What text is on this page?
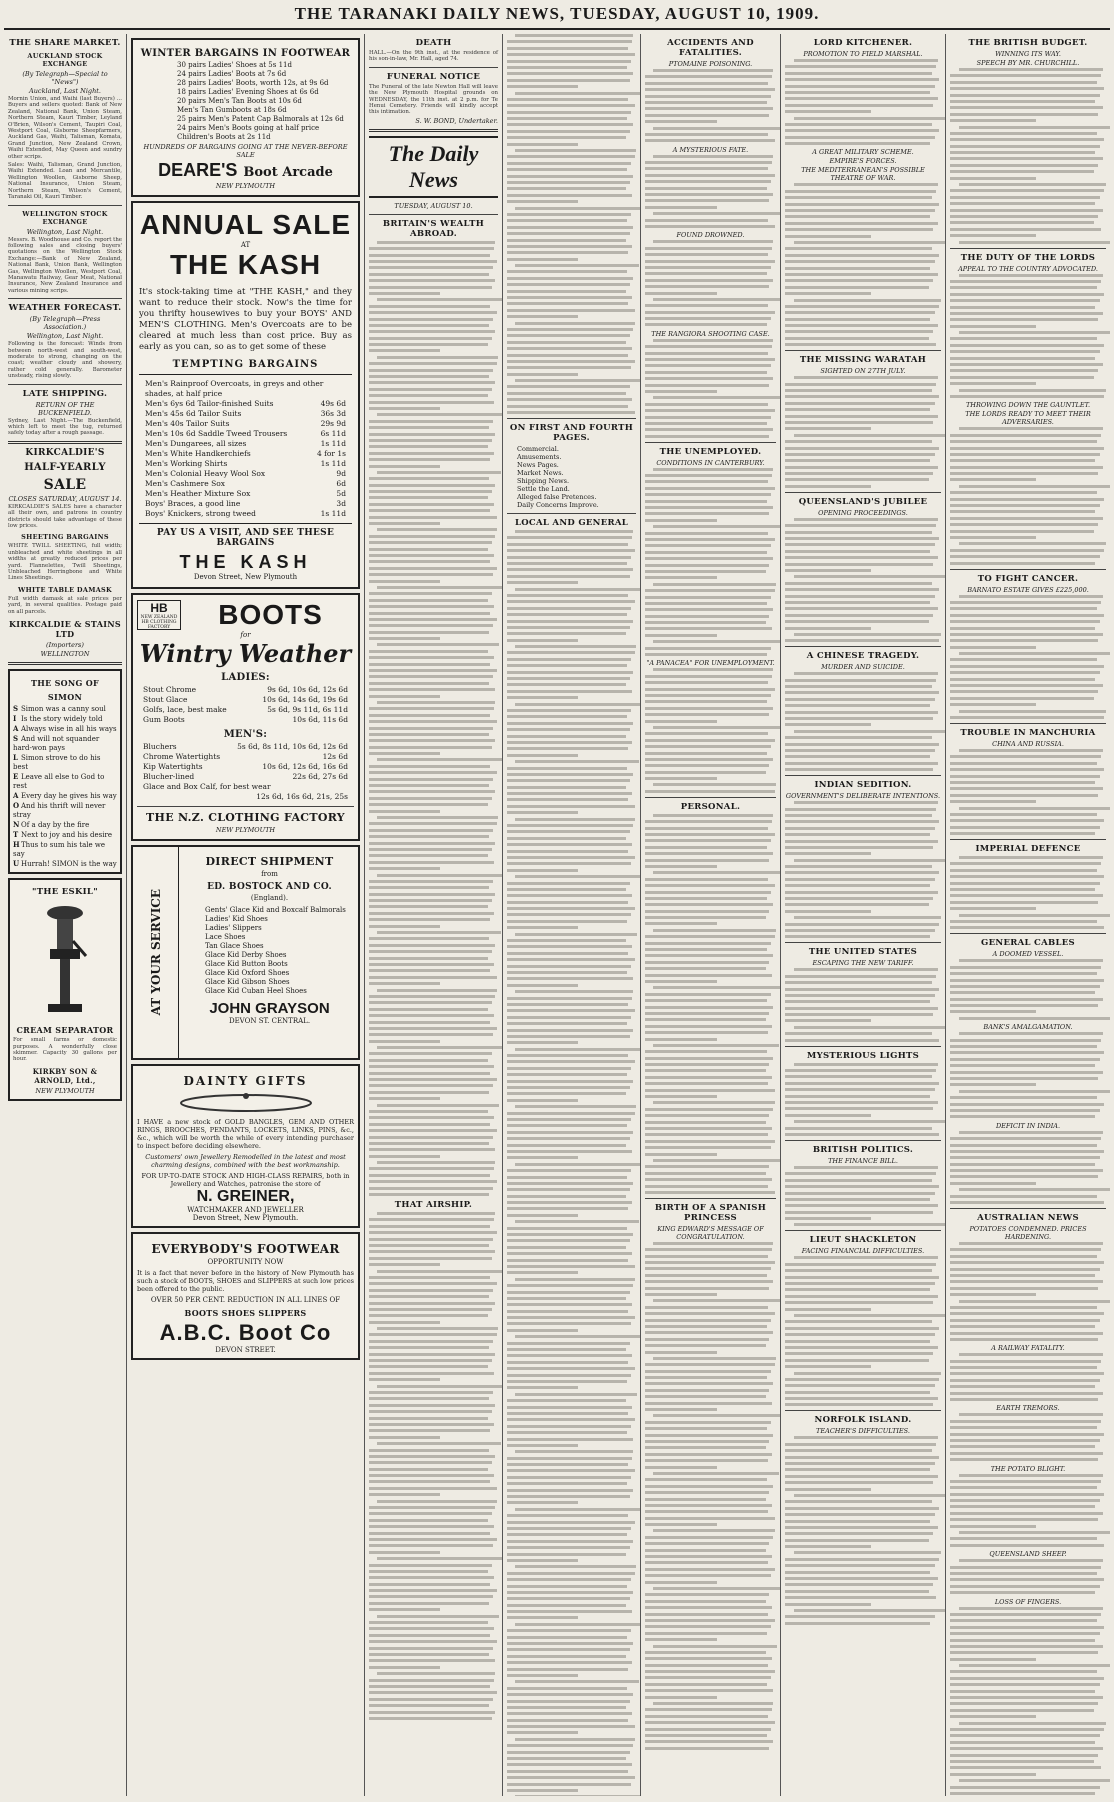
THE TARANAKI DAILY NEWS, TUESDAY, AUGUST 10, 1909.
THE SHARE MARKET.
AUCKLAND STOCK EXCHANGE
(By Telegraph—Special to "News")
Auckland, Last Night.

Mornin Union, and Waihi (last Buyers) ... Buyers and sellers quoted: Bank of New Zealand, National Bank, Union Steam, Northern Steam, Kauri Timber, Leyland O'Brien, Wilson's Cement, Taupiri Coal, Westport Coal, Gisborne Sheepfarmers, Auckland Gas, Waihi, Talisman, Komata, Grand Junction, New Zealand Crown, Waihi Extended, May Queen and sundry other scrips.

Sales: Waihi, Talisman, Grand Junction, Waihi Extended. Loan and Mercantile, Wellington Woollen, Gisborne Sheep, National Insurance, Union Steam, Northern Steam, Wilson's Cement, Taranaki Oil, Kauri Timber.

WELLINGTON STOCK EXCHANGE
Wellington, Last Night.

Messrs. B. Woodhouse and Co. report the following sales and closing buyers' quotations on the Wellington Stock Exchange:—Bank of New Zealand, National Bank, Union Bank, Wellington Gas, Wellington Woollen, Westport Coal, Manawatu Railway, Gear Meat, National Insurance, New Zealand Insurance and various mining scrips.

WEATHER FORECAST.
(By Telegraph—Press Association.)
Wellington, Last Night.

Following is the forecast: Winds from between north-west and south-west, moderate to strong, changing on the coast; weather cloudy and showery, rather cold generally. Barometer unsteady, rising slowly.

LATE SHIPPING.
RETURN OF THE BUCKENFIELD.

Sydney, Last Night.—The Buckenfield, which left to meet the tug, returned safely today after a rough passage.

KIRKCALDIE'S
HALF-YEARLY
SALE
CLOSES SATURDAY, AUGUST 14.

KIRKCALDIE'S SALES have a character all their own, and patrons in country districts should take advantage of these low prices.

SHEETING BARGAINS

WHITE TWILL SHEETING, full width; unbleached and white sheetings in all widths at greatly reduced prices per yard. Flannelettes, Twill Sheetings, Unbleached Herringbone and White Lines Sheetings.

WHITE TABLE DAMASK

Full width damask at sale prices per yard, in several qualities. Postage paid on all parcels.

KIRKCALDIE & STAINS LTD
(Importers)
WELLINGTON
THE SONG OF
SIMON
S Simon was a canny soul
I Is the story widely told
A Always wise in all his ways
S And will not squander hard-won pays
L Simon strove to do his best
E Leave all else to God to rest
A Every day he gives his way
O And his thrift will never stray
N Of a day by the fire
T Next to joy and his desire
HThus to sum his tale we say
U Hurrah! SIMON is the way
"THE ESKIL"
CREAM SEPARATOR

For small farms or domestic purposes. A wonderfully close skimmer. Capacity 30 gallons per hour.

KIRKBY SON & ARNOLD, Ltd.,
NEW PLYMOUTH
WINTER BARGAINS IN FOOTWEAR
30 pairs Ladies' Shoes at 5s 11d
24 pairs Ladies' Boots at 7s 6d
28 pairs Ladies' Boots, worth 12s, at 9s 6d
18 pairs Ladies' Evening Shoes at 6s 6d
20 pairs Men's Tan Boots at 10s 6d
Men's Tan Gumboots at 18s 6d
25 pairs Men's Patent Cap Balmorals at 12s 6d
24 pairs Men's Boots going at half price
Children's Boots at 2s 11d
HUNDREDS OF BARGAINS GOING AT THE NEVER-BEFORE SALE
DEARE'S Boot Arcade
NEW PLYMOUTH
ANNUAL SALE
AT
THE KASH
It's stock-taking time at "THE KASH," and they want to reduce their stock. Now's the time for you thrifty housewives to buy your BOYS' AND MEN'S CLOTHING. Men's Overcoats are to be cleared at much less than cost price. Buy as early as you can, so as to get some of these
TEMPTING BARGAINS
Men's Rainproof Overcoats, in greys and other shades, at half price
Men's 6ys 6d Tailor-finished Suits	49s 6d
Men's 45s 6d Tailor Suits	36s 3d
Men's 40s Tailor Suits	29s 9d
Men's 10s 6d Saddle Tweed Trousers	6s 11d
Men's Dungarees, all sizes	1s 11d
Men's White Handkerchiefs	4 for 1s
Men's Working Shirts	1s 11d
Men's Colonial Heavy Wool Sox	9d
Men's Cashmere Sox	6d
Men's Heather Mixture Sox	5d
Boys' Braces, a good line	3d
Boys' Knickers, strong tweed	1s 11d
PAY US A VISIT, AND SEE THESE BARGAINS
THE KASH
Devon Street, New Plymouth
HB
NEW ZEALAND HB CLOTHING FACTORY	BOOTS
for
Wintry Weather
LADIES:
Stout Chrome	9s 6d, 10s 6d, 12s 6d
Stout Glace	10s 6d, 14s 6d, 19s 6d
Golfs, lace, best make	5s 6d, 9s 11d, 6s 11d
Gum Boots	10s 6d, 11s 6d
MEN'S:
Bluchers	5s 6d, 8s 11d, 10s 6d, 12s 6d
Chrome Watertights	12s 6d
Kip Watertights	10s 6d, 12s 6d, 16s 6d
Blucher-lined	22s 6d, 27s 6d
Glace and Box Calf, for best wear
12s 6d, 16s 6d, 21s, 25s
THE N.Z. CLOTHING FACTORY
NEW PLYMOUTH
AT YOUR SERVICE
DIRECT SHIPMENT
from
ED. BOSTOCK AND CO.
(England).
Gents' Glace Kid and Boxcalf Balmorals
Ladies' Kid Shoes
Ladies' Slippers
Lace Shoes
Tan Glace Shoes
Glace Kid Derby Shoes
Glace Kid Button Boots
Glace Kid Oxford Shoes
Glace Kid Gibson Shoes
Glace Kid Cuban Heel Shoes
JOHN GRAYSON
DEVON ST. CENTRAL.
DAINTY GIFTS
I HAVE a new stock of GOLD BANGLES, GEM AND OTHER RINGS, BROOCHES, PENDANTS, LOCKETS, LINKS, PINS, &c., &c., which will be worth the while of every intending purchaser to inspect before deciding elsewhere.
Customers' own Jewellery Remodelled in the latest and most charming designs, combined with the best workmanship.
FOR UP-TO-DATE STOCK AND HIGH-CLASS REPAIRS, both in Jewellery and Watches, patronise the store of
N. GREINER,
WATCHMAKER AND JEWELLER
Devon Street, New Plymouth.
EVERYBODY'S FOOTWEAR
OPPORTUNITY NOW
It is a fact that never before in the history of New Plymouth has such a stock of BOOTS, SHOES and SLIPPERS at such low prices been offered to the public.
OVER 50 PER CENT. REDUCTION IN ALL LINES OF
BOOTS SHOES SLIPPERS
A.B.C. Boot Co
DEVON STREET.
DEATH
HALL.—On the 9th inst., at the residence of his son-in-law, Mr. Hall, aged 74.
FUNERAL NOTICE
The Funeral of the late Newton Hall will leave the New Plymouth Hospital grounds on WEDNESDAY, the 11th inst. at 2 p.m. for Te Henui Cemetery. Friends will kindly accept this intimation.
S. W. BOND, Undertaker.
The Daily News
TUESDAY, AUGUST 10.
BRITAIN'S WEALTH ABROAD.
THAT AIRSHIP.
ON FIRST AND FOURTH PAGES.
Commercial.
Amusements.
News Pages.
Market News.
Shipping News.
Settle the Land.
Alleged false Pretences.
Daily Concerns Improve.
LOCAL AND GENERAL
ACCIDENTS AND FATALITIES.
PTOMAINE POISONING.
A MYSTERIOUS FATE.
FOUND DROWNED.
THE RANGIORA SHOOTING CASE.
THE UNEMPLOYED.
CONDITIONS IN CANTERBURY.
"A PANACEA" FOR UNEMPLOYMENT.
PERSONAL.
BIRTH OF A SPANISH PRINCESS
KING EDWARD'S MESSAGE OF CONGRATULATION.
LORD KITCHENER.
PROMOTION TO FIELD MARSHAL.
A GREAT MILITARY SCHEME.
EMPIRE'S FORCES.
THE MEDITERRANEAN'S POSSIBLE THEATRE OF WAR.
THE MISSING WARATAH
SIGHTED ON 27TH JULY.
QUEENSLAND'S JUBILEE
OPENING PROCEEDINGS.
A CHINESE TRAGEDY.
MURDER AND SUICIDE.
INDIAN SEDITION.
GOVERNMENT'S DELIBERATE INTENTIONS.
THE UNITED STATES
ESCAPING THE NEW TARIFF.
MYSTERIOUS LIGHTS
BRITISH POLITICS.
THE FINANCE BILL.
LIEUT SHACKLETON
FACING FINANCIAL DIFFICULTIES.
NORFOLK ISLAND.
TEACHER'S DIFFICULTIES.
THE BRITISH BUDGET.
WINNING ITS WAY.
SPEECH BY MR. CHURCHILL.
THE DUTY OF THE LORDS
APPEAL TO THE COUNTRY ADVOCATED.
THROWING DOWN THE GAUNTLET.
THE LORDS READY TO MEET THEIR ADVERSARIES.
TO FIGHT CANCER.
BARNATO ESTATE GIVES £225,000.
TROUBLE IN MANCHURIA
CHINA AND RUSSIA.
IMPERIAL DEFENCE
GENERAL CABLES
A DOOMED VESSEL.
BANK'S AMALGAMATION.
DEFICIT IN INDIA.
AUSTRALIAN NEWS
POTATOES CONDEMNED. PRICES HARDENING.
A RAILWAY FATALITY.
EARTH TREMORS.
THE POTATO BLIGHT.
QUEENSLAND SHEEP.
LOSS OF FINGERS.
